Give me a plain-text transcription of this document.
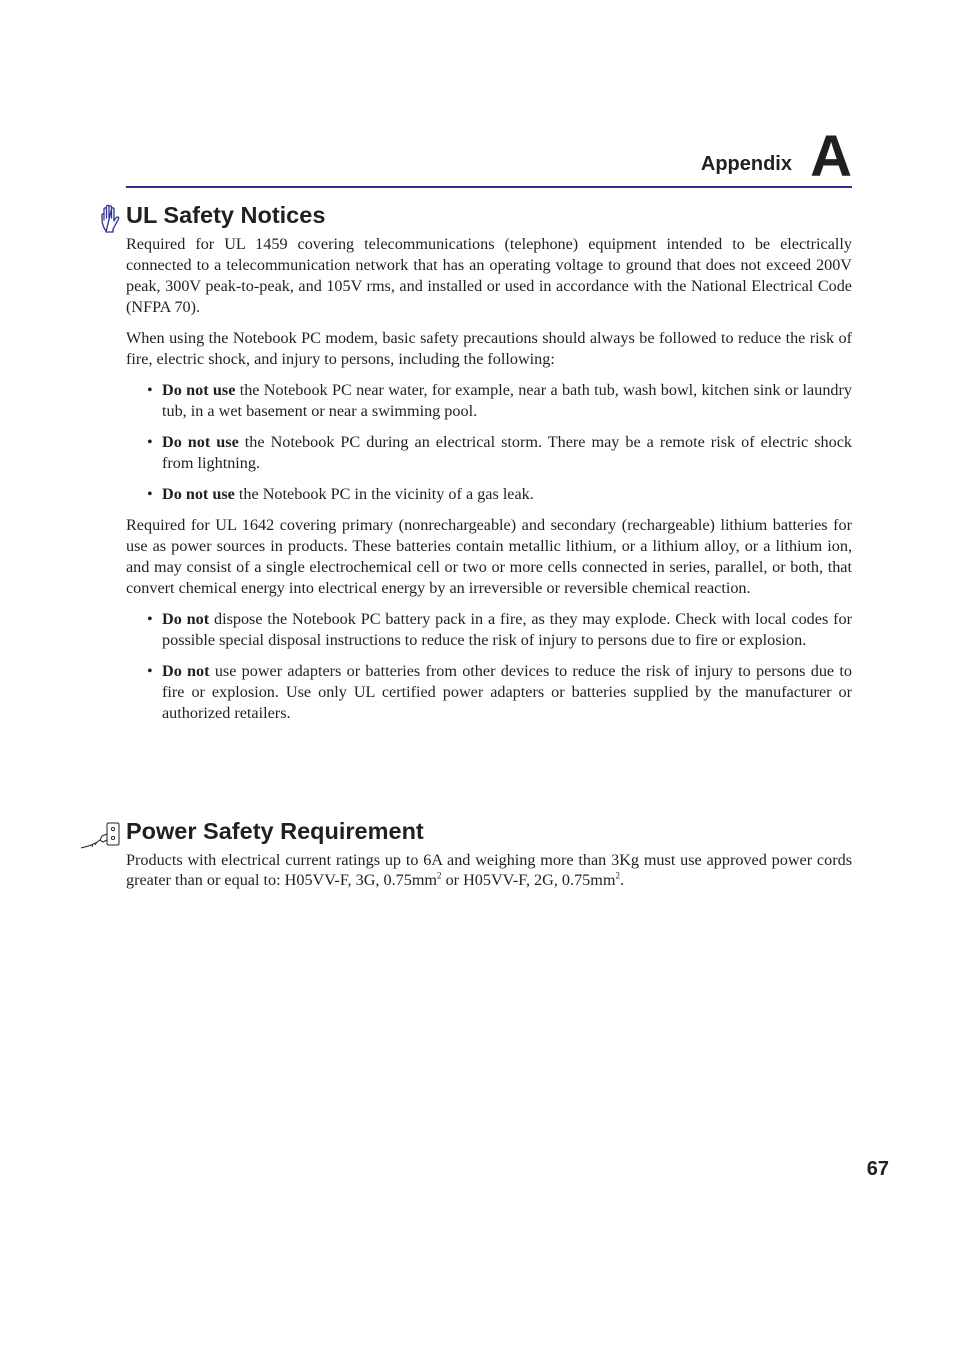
Appendix A
UL Safety Notices

Required for UL 1459 covering telecommunications (telephone) equipment intended to be electrically connected to a telecommunication network that has an operating voltage to ground that does not exceed 200V peak, 300V peak-to-peak, and 105V rms, and installed or used in accordance with the National Electrical Code (NFPA 70).

When using the Notebook PC modem, basic safety precautions should always be followed to reduce the risk of fire, electric shock, and injury to persons, including the following:

• Do not use the Notebook PC near water, for example, near a bath tub, wash bowl, kitchen sink or laundry tub, in a wet basement or near a swimming pool.
• Do not use the Notebook PC during an electrical storm. There may be a remote risk of electric shock from lightning.
• Do not use the Notebook PC in the vicinity of a gas leak.

Required for UL 1642 covering primary (nonrechargeable) and secondary (rechargeable) lithium batteries for use as power sources in products. These batteries contain metallic lithium, or a lithium alloy, or a lithium ion, and may consist of a single electrochemical cell or two or more cells connected in series, parallel, or both, that convert chemical energy into electrical energy by an irreversible or reversible chemical reaction.

• Do not dispose the Notebook PC battery pack in a fire, as they may explode. Check with local codes for possible special disposal instructions to reduce the risk of injury to persons due to fire or explosion.
• Do not use power adapters or batteries from other devices to reduce the risk of injury to persons due to fire or explosion. Use only UL certified power adapters or batteries supplied by the manufacturer or authorized retailers.
Power Safety Requirement

Products with electrical current ratings up to 6A and weighing more than 3Kg must use approved power cords greater than or equal to: H05VV-F, 3G, $0.75mm^2$ or H05VV-F, 2G, $0.75mm^2$.

67
